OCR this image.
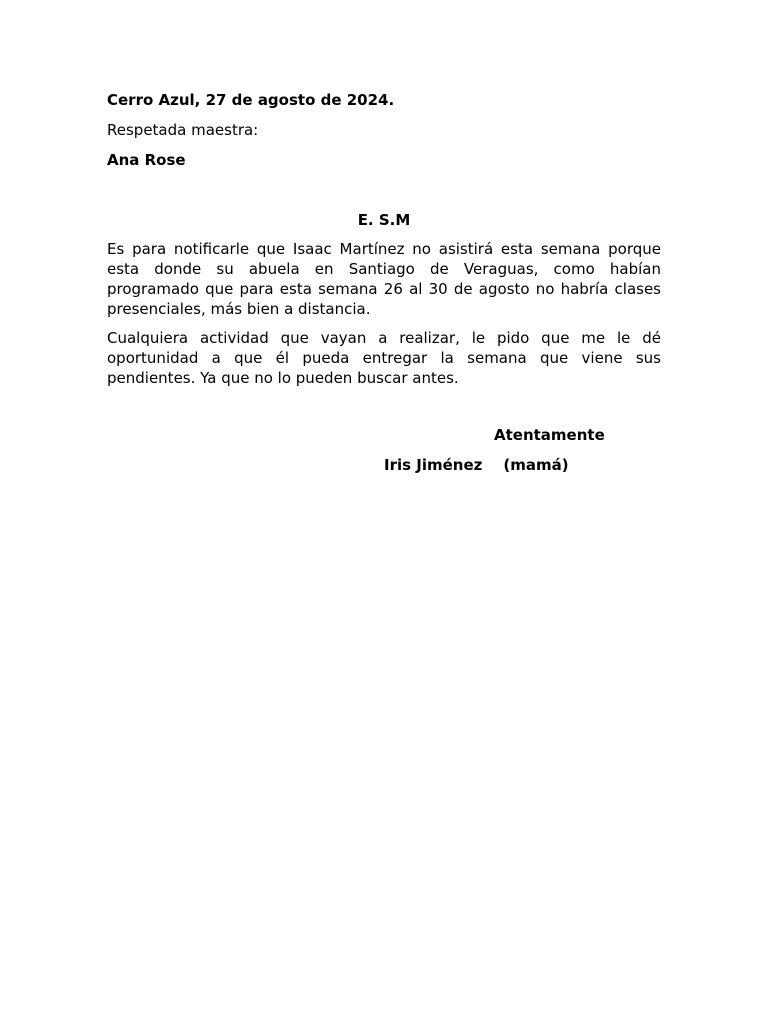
Cerro Azul, 27 de agosto de 2024.
Respetada maestra:
Ana Rose
E. S.M

Es para notificarle que Isaac Martínez no asistirá esta semana porque esta donde su abuela en Santiago de Veraguas, como habían programado que para esta semana 26 al 30 de agosto no habría clases presenciales, más bien a distancia.

Cualquiera actividad que vayan a realizar, le pido que me le dé oportunidad a que él pueda entregar la semana que viene sus pendientes. Ya que no lo pueden buscar antes.

Atentamente
Iris Jiménez (mamá)
